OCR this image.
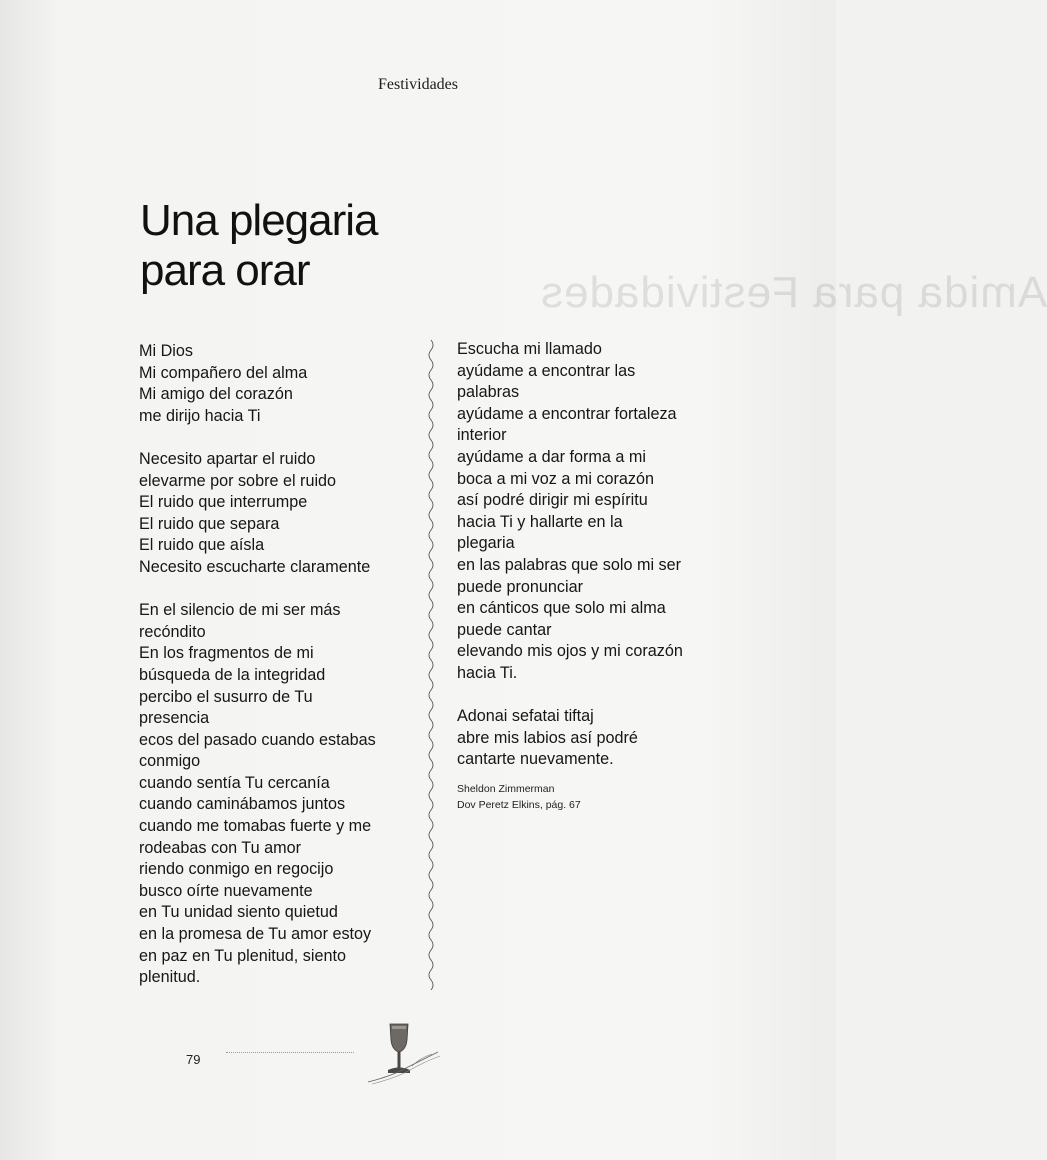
Amida para Festividades
Festividades
Una plegaria
para orar
Mi Dios
Mi compañero del alma
Mi amigo del corazón
me dirijo hacia Ti
Necesito apartar el ruido
elevarme por sobre el ruido
El ruido que interrumpe
El ruido que separa
El ruido que aísla
Necesito escucharte claramente
En el silencio de mi ser más
recóndito
En los fragmentos de mi
búsqueda de la integridad
percibo el susurro de Tu
presencia
ecos del pasado cuando estabas
conmigo
cuando sentía Tu cercanía
cuando caminábamos juntos
cuando me tomabas fuerte y me
rodeabas con Tu amor
riendo conmigo en regocijo
busco oírte nuevamente
en Tu unidad siento quietud
en la promesa de Tu amor estoy
en paz en Tu plenitud, siento
plenitud.
Escucha mi llamado
ayúdame a encontrar las
palabras
ayúdame a encontrar fortaleza
interior
ayúdame a dar forma a mi
boca a mi voz a mi corazón
así podré dirigir mi espíritu
hacia Ti y hallarte en la
plegaria
en las palabras que solo mi ser
puede pronunciar
en cánticos que solo mi alma
puede cantar
elevando mis ojos y mi corazón
hacia Ti.
Adonai sefatai tiftaj
abre mis labios así podré
cantarte nuevamente.
Sheldon Zimmerman
Dov Peretz Elkins, pág. 67
79
